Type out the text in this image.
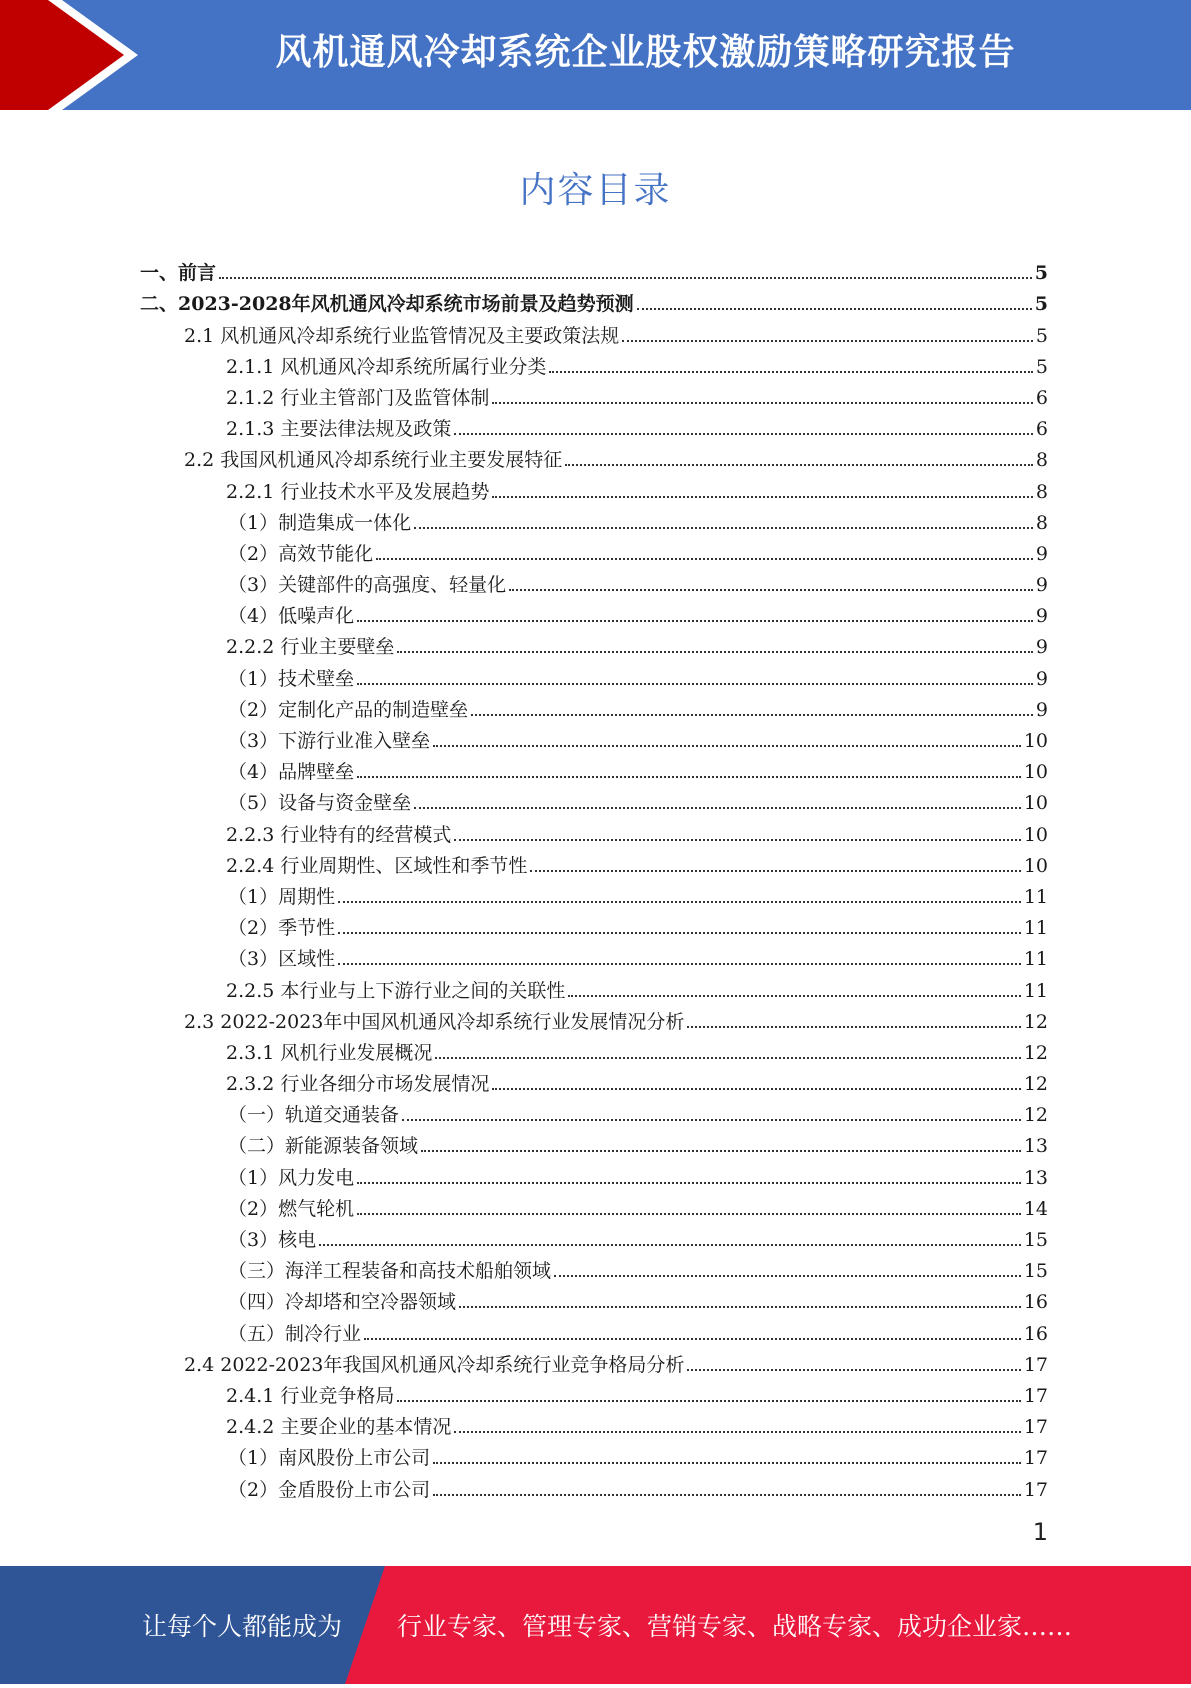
风机通风冷却系统企业股权激励策略研究报告
内容目录
一、前言	5
二、2023-2028年风机通风冷却系统市场前景及趋势预测	5
2.1 风机通风冷却系统行业监管情况及主要政策法规	5
2.1.1 风机通风冷却系统所属行业分类	5
2.1.2 行业主管部门及监管体制	6
2.1.3 主要法律法规及政策	6
2.2 我国风机通风冷却系统行业主要发展特征	8
2.2.1 行业技术水平及发展趋势	8
（1）制造集成一体化	8
（2）高效节能化	9
（3）关键部件的高强度、轻量化	9
（4）低噪声化	9
2.2.2 行业主要壁垒	9
（1）技术壁垒	9
（2）定制化产品的制造壁垒	9
（3）下游行业准入壁垒	10
（4）品牌壁垒	10
（5）设备与资金壁垒	10
2.2.3 行业特有的经营模式	10
2.2.4 行业周期性、区域性和季节性	10
（1）周期性	11
（2）季节性	11
（3）区域性	11
2.2.5 本行业与上下游行业之间的关联性	11
2.3 2022-2023年中国风机通风冷却系统行业发展情况分析	12
2.3.1 风机行业发展概况	12
2.3.2 行业各细分市场发展情况	12
（一）轨道交通装备	12
（二）新能源装备领域	13
（1）风力发电	13
（2）燃气轮机	14
（3）核电	15
（三）海洋工程装备和高技术船舶领域	15
（四）冷却塔和空冷器领域	16
（五）制冷行业	16
2.4 2022-2023年我国风机通风冷却系统行业竞争格局分析	17
2.4.1 行业竞争格局	17
2.4.2 主要企业的基本情况	17
（1）南风股份上市公司	17
（2）金盾股份上市公司	17
1
让每个人都能成为 行业专家、管理专家、营销专家、战略专家、成功企业家……
